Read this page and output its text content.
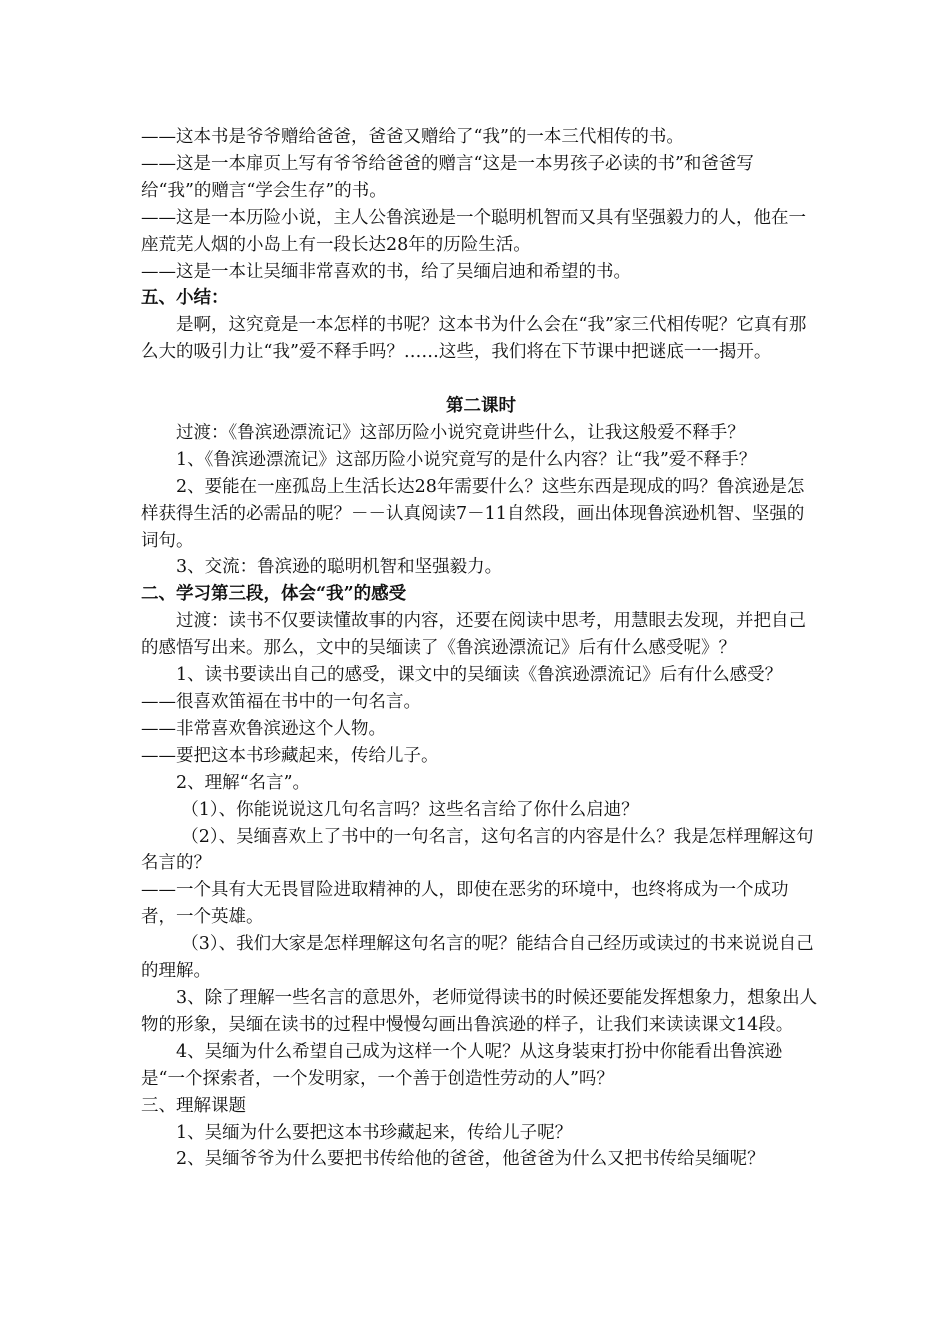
——这本书是爷爷赠给爸爸，爸爸又赠给了“我”的一本三代相传的书。

——这是一本扉页上写有爷爷给爸爸的赠言“这是一本男孩子必读的书”和爸爸写给“我”的赠言“学会生存”的书。

——这是一本历险小说，主人公鲁滨逊是一个聪明机智而又具有坚强毅力的人，他在一座荒芜人烟的小岛上有一段长达28年的历险生活。

——这是一本让吴缅非常喜欢的书，给了吴缅启迪和希望的书。

五、小结：

是啊，这究竟是一本怎样的书呢？这本书为什么会在“我”家三代相传呢？它真有那么大的吸引力让“我”爱不释手吗？……这些，我们将在下节课中把谜底一一揭开。

第二课时

过渡：《鲁滨逊漂流记》这部历险小说究竟讲些什么，让我这般爱不释手？

1、《鲁滨逊漂流记》这部历险小说究竟写的是什么内容？让“我”爱不释手？

2、要能在一座孤岛上生活长达28年需要什么？这些东西是现成的吗？鲁滨逊是怎样获得生活的必需品的呢？－－认真阅读7－11自然段，画出体现鲁滨逊机智、坚强的词句。

3、交流：鲁滨逊的聪明机智和坚强毅力。

二、学习第三段，体会“我”的感受

过渡：读书不仅要读懂故事的内容，还要在阅读中思考，用慧眼去发现，并把自己的感悟写出来。那么，文中的吴缅读了《鲁滨逊漂流记》后有什么感受呢》？

1、读书要读出自己的感受，课文中的吴缅读《鲁滨逊漂流记》后有什么感受？

——很喜欢笛福在书中的一句名言。

——非常喜欢鲁滨逊这个人物。

——要把这本书珍藏起来，传给儿子。

2、理解“名言”。

（1）、你能说说这几句名言吗？这些名言给了你什么启迪？

（2）、吴缅喜欢上了书中的一句名言，这句名言的内容是什么？我是怎样理解这句名言的？

——一个具有大无畏冒险进取精神的人，即使在恶劣的环境中，也终将成为一个成功者，一个英雄。

（3）、我们大家是怎样理解这句名言的呢？能结合自己经历或读过的书来说说自己的理解。

3、除了理解一些名言的意思外，老师觉得读书的时候还要能发挥想象力，想象出人物的形象，吴缅在读书的过程中慢慢勾画出鲁滨逊的样子，让我们来读读课文14段。

4、吴缅为什么希望自己成为这样一个人呢？从这身装束打扮中你能看出鲁滨逊是“一个探索者，一个发明家，一个善于创造性劳动的人”吗？

三、理解课题

1、吴缅为什么要把这本书珍藏起来，传给儿子呢？

2、吴缅爷爷为什么要把书传给他的爸爸，他爸爸为什么又把书传给吴缅呢？
